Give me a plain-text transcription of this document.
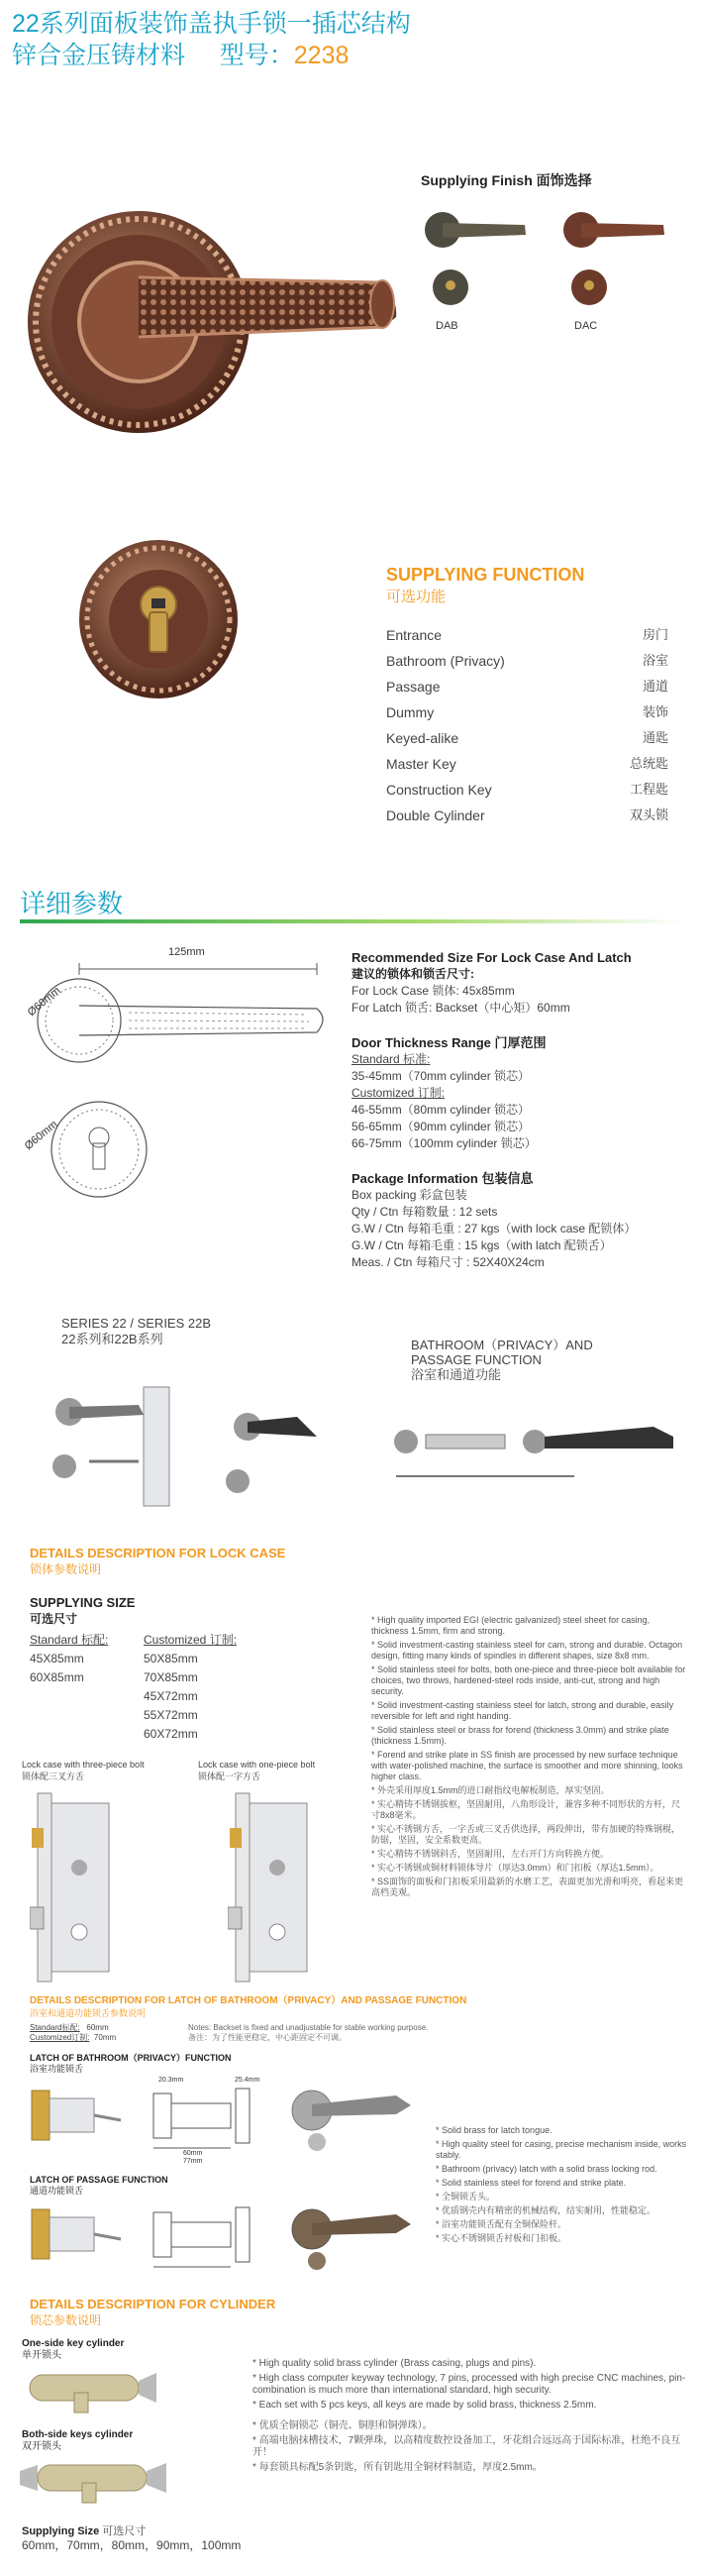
22系列面板装饰盖执手锁一插芯结构
锌合金压铸材料 型号：2238
Supplying Finish 面饰选择
DAB	DAC
SUPPLYING FUNCTION
可选功能
Entrance	房门
Bathroom (Privacy)	浴室
Passage	通道
Dummy	装饰
Keyed-alike	通匙
Master Key	总统匙
Construction Key	工程匙
Double Cylinder	双头锁
详细参数
125mm
Ø60mm
Ø60mm
Recommended Size For Lock Case And Latch
建议的锁体和锁舌尺寸:
For Lock Case 锁体: 45x85mm
For Latch 锁舌: Backset（中心矩）60mm
Door Thickness Range 门厚范围
Standard 标准:
35-45mm（70mm cylinder 锁芯）
Customized 订制:
46-55mm（80mm cylinder 锁芯）
56-65mm（90mm cylinder 锁芯）
66-75mm（100mm cylinder 锁芯）
Package Information 包装信息
Box packing 彩盒包装
Qty / Ctn 每箱数量 : 12 sets
G.W / Ctn 每箱毛重 : 27 kgs（with lock case 配锁体）
G.W / Ctn 每箱毛重 : 15 kgs（with latch 配锁舌）
Meas. / Ctn 每箱尺寸 : 52X40X24cm
SERIES 22 / SERIES 22B
22系列和22B系列	BATHROOM（PRIVACY）AND
PASSAGE FUNCTION
浴室和通道功能
DETAILS DESCRIPTION FOR LOCK CASE
锁体参数说明
SUPPLYING SIZE
可选尺寸
Standard 标配:
45X85mm
60X85mm
Customized 订制:
50X85mm
70X85mm
45X72mm
55X72mm
60X72mm
Lock case with three-piece bolt
锁体配三叉方舌
Lock case with one-piece bolt
锁体配一字方舌
* High quality imported EGI (electric galvanized) steel sheet for casing, thickness 1.5mm, firm and strong.
* Solid investment-casting stainless steel for cam, strong and durable. Octagon design, fitting many kinds of spindles in different shapes, size 8x8 mm.
* Solid stainless steel for bolts, both one-piece and three-piece bolt available for choices, two throws, hardened-steel rods inside, anti-cut, strong and high security.
* Solid investment-casting stainless steel for latch, strong and durable, easily reversible for left and right handing.
* Solid stainless steel or brass for forend (thickness 3.0mm) and strike plate (thickness 1.5mm).
* Forend and strike plate in SS finish are processed by new surface technique with water-polished machine, the surface is smoother and more shinning, looks higher class.
* 外壳采用厚度1.5mm的进口耐指纹电解板制造，厚实坚固。
* 实心精铸不锈钢拔枢，坚固耐用，八角形设计，兼容多种不同形状的方杆，尺寸8x8毫米。
* 实心不锈钢方舌，一字舌或三叉舌供选择，两段伸出，带有加硬的特殊钢棍，防锯，坚固，安全系数更高。
* 实心精铸不锈钢斜舌，坚固耐用，左右开门方向转换方便。
* 实心不锈钢或铜材料锁体导片（厚达3.0mm）和门扣板（厚达1.5mm）。
* SS面饰的面板和门扣板采用最新的水磨工艺，表面更加光滑和明亮，看起来更高档美观。
DETAILS DESCRIPTION FOR LATCH OF BATHROOM（PRIVACY）AND PASSAGE FUNCTION
浴室和通道功能锁舌参数说明
Standard标配: 60mm
Customized订制: 70mm
Notes: Backset is fixed and unadjustable for stable working purpose.
备注：为了性能更稳定，中心距固定不可调。
LATCH OF BATHROOM（PRIVACY）FUNCTION
浴室功能锁舌
20.3mm	25.4mm
60mm
77mm
LATCH OF PASSAGE FUNCTION
通道功能锁舌
* Solid brass for latch tongue.
* High quality steel for casing, precise mechanism inside, works stably.
* Bathroom (privacy) latch with a solid brass locking rod.
* Solid stainless steel for forend and strike plate.
* 全铜锁舌头。
* 优质钢壳内有精密的机械结构，结实耐用，性能稳定。
* 浴室功能锁舌配有全铜保险杆。
* 实心不锈钢锁舌衬板和门扣板。
DETAILS DESCRIPTION FOR CYLINDER
锁芯参数说明
One-side key cylinder
单开锁头
Both-side keys cylinder
双开锁头
Supplying Size 可选尺寸
60mm，70mm，80mm，90mm，100mm
* High quality solid brass cylinder (Brass casing, plugs and pins).
* High class computer keyway technology, 7 pins, processed with high precise CNC machines, pin-combination is much more than international standard, high security.
* Each set with 5 pcs keys, all keys are made by solid brass, thickness 2.5mm.
* 优质全铜锁芯（铜壳、铜胆和铜弹珠）。
* 高端电脑抹槽技术，7颗弹珠，以高精度数控设备加工，牙花组合远远高于国际标准，杜绝不良互开！
* 每套锁具标配5条钥匙，所有钥匙用全铜材料制造，厚度2.5mm。
